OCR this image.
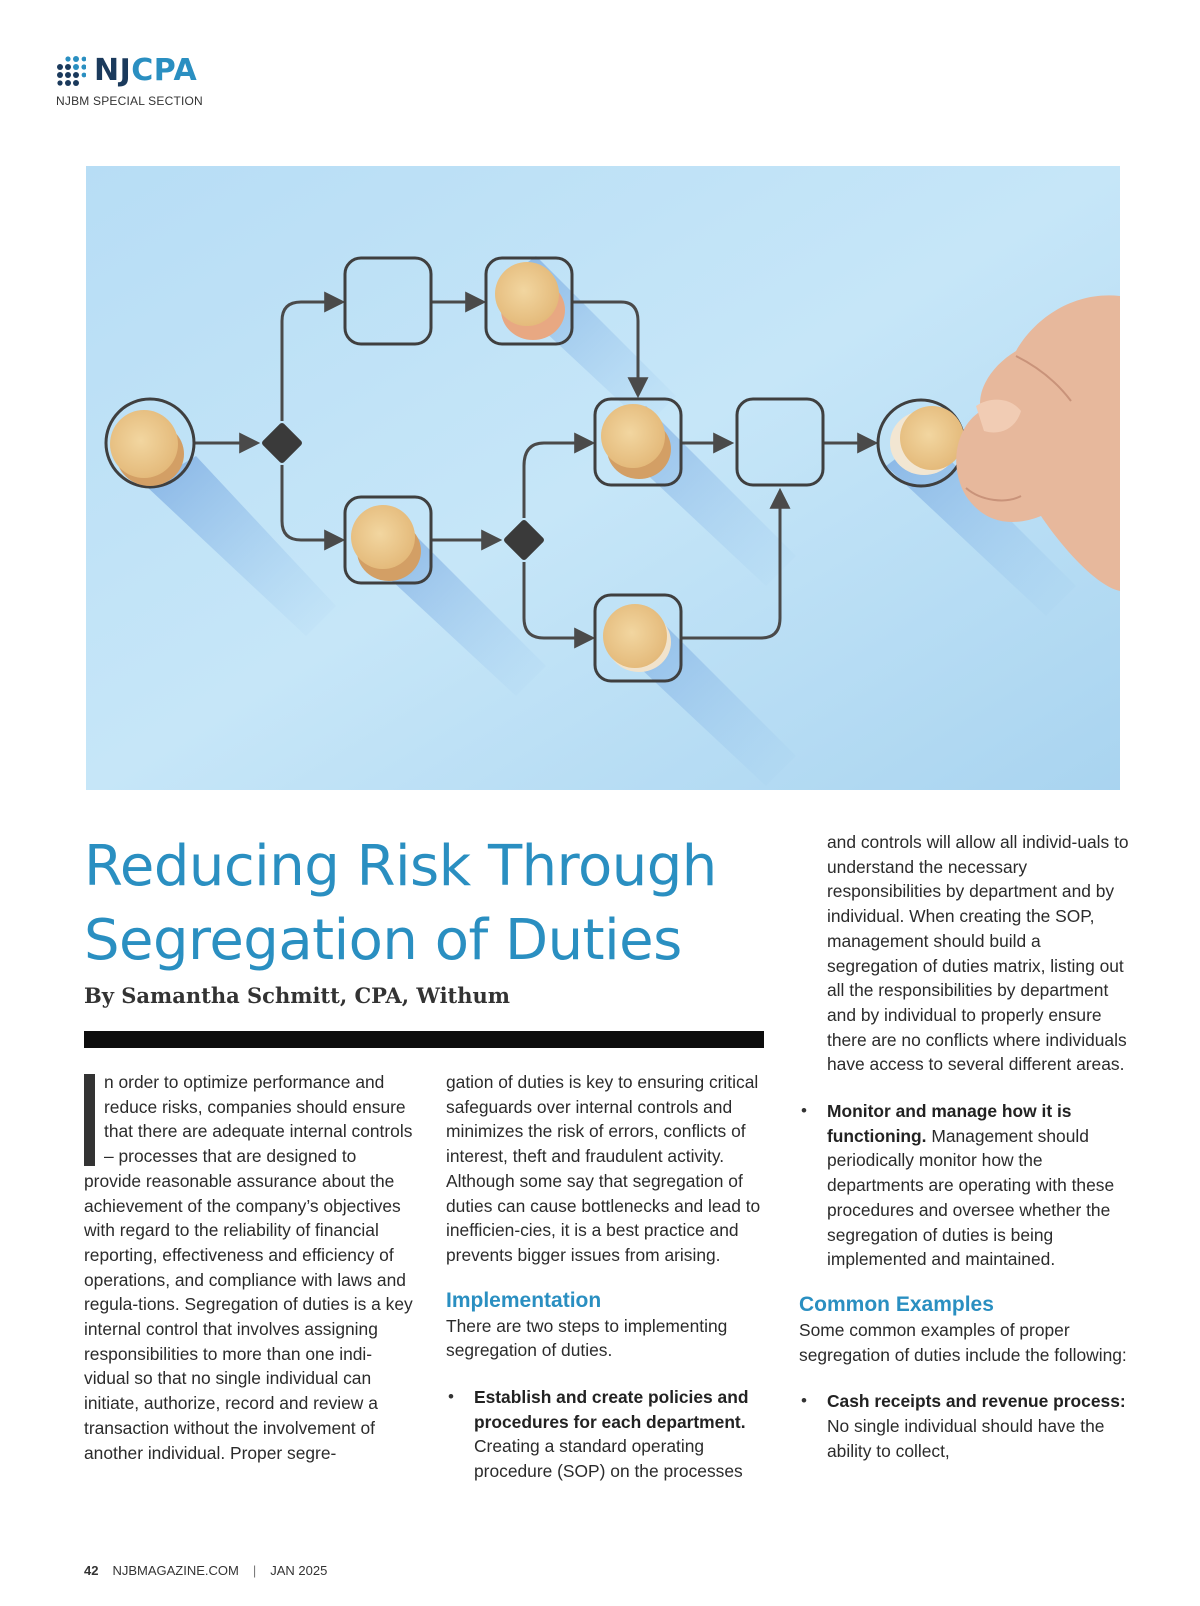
NJCPA
NJBM SPECIAL SECTION
Reducing Risk Through
Segregation of Duties
By Samantha Schmitt, CPA, Withum

n order to optimize performance and reduce risks, companies should ensure that there are adequate internal controls – processes that are designed to provide reasonable assurance about the achievement of the company’s objectives with regard to the reliability of financial reporting, effectiveness and efficiency of operations, and compliance with laws and regula-tions. Segregation of duties is a key internal control that involves assigning responsibilities to more than one indi-vidual so that no single individual can initiate, authorize, record and review a transaction without the involvement of another individual. Proper segre-

gation of duties is key to ensuring critical safeguards over internal controls and minimizes the risk of errors, conflicts of interest, theft and fraudulent activity. Although some say that segregation of duties can cause bottlenecks and lead to inefficien-cies, it is a best practice and prevents bigger issues from arising.

Implementation

There are two steps to implementing segregation of duties.

• Establish and create policies and procedures for each department. Creating a standard operating procedure (SOP) on the processes

and controls will allow all individ-uals to understand the necessary responsibilities by department and by individual. When creating the SOP, management should build a segregation of duties matrix, listing out all the responsibilities by department and by individual to properly ensure there are no conflicts where individuals have access to several different areas.

• Monitor and manage how it is functioning. Management should periodically monitor how the departments are operating with these procedures and oversee whether the segregation of duties is being implemented and maintained.
Common Examples

Some common examples of proper segregation of duties include the following:

• Cash receipts and revenue process: No single individual should have the ability to collect,
42 NJBMAGAZINE.COM | JAN 2025
